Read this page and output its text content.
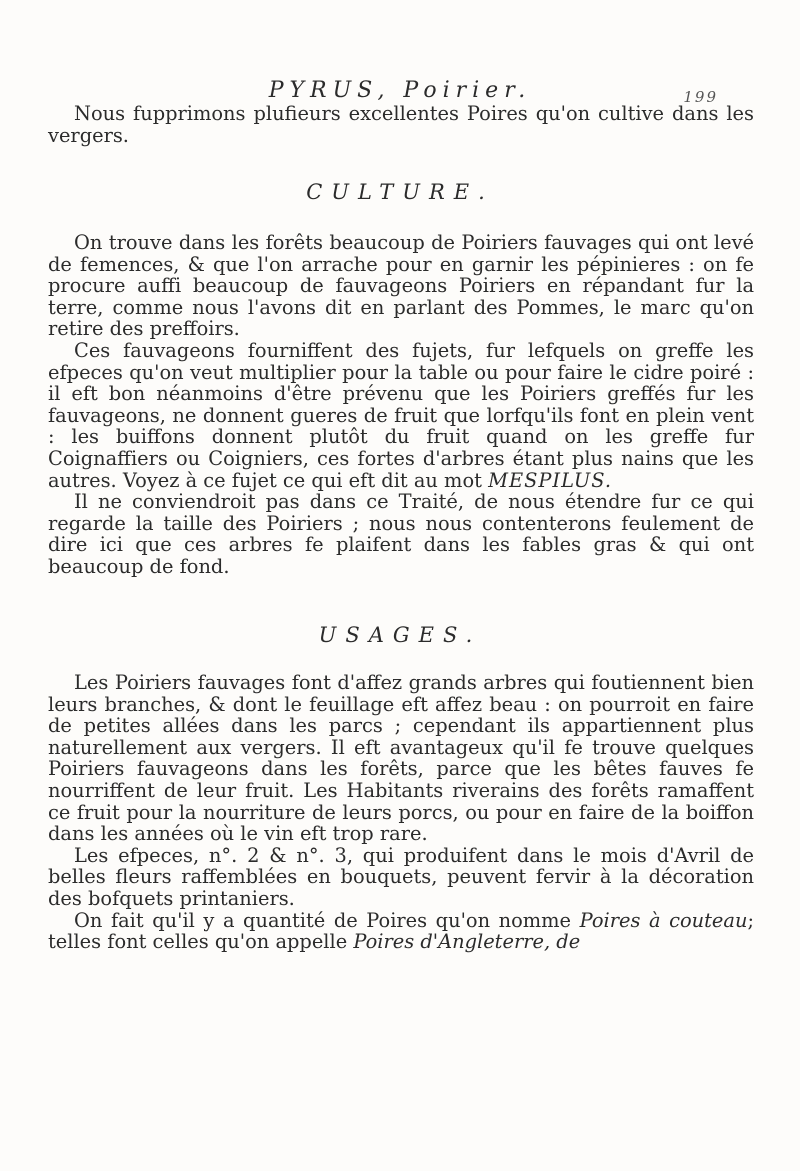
PYRUS, Poirier.	199

Nous fupprimons plufieurs excellentes Poires qu'on cultive dans les vergers.

CULTURE.

On trouve dans les forêts beaucoup de Poiriers fauvages qui ont levé de femences, & que l'on arrache pour en garnir les pépinieres : on fe procure auffi beaucoup de fauvageons Poiriers en répandant fur la terre, comme nous l'avons dit en parlant des Pommes, le marc qu'on retire des preffoirs.

Ces fauvageons fourniffent des fujets, fur lefquels on greffe les efpeces qu'on veut multiplier pour la table ou pour faire le cidre poiré : il eft bon néanmoins d'être prévenu que les Poiriers greffés fur les fauvageons, ne donnent gueres de fruit que lorfqu'ils font en plein vent : les buiffons donnent plutôt du fruit quand on les greffe fur Coignaffiers ou Coigniers, ces fortes d'arbres étant plus nains que les autres. Voyez à ce fujet ce qui eft dit au mot MESPILUS.

Il ne conviendroit pas dans ce Traité, de nous étendre fur ce qui regarde la taille des Poiriers ; nous nous contenterons feulement de dire ici que ces arbres fe plaifent dans les fables gras & qui ont beaucoup de fond.

USAGES.

Les Poiriers fauvages font d'affez grands arbres qui foutiennent bien leurs branches, & dont le feuillage eft affez beau : on pourroit en faire de petites allées dans les parcs ; cependant ils appartiennent plus naturellement aux vergers. Il eft avantageux qu'il fe trouve quelques Poiriers fauvageons dans les forêts, parce que les bêtes fauves fe nourriffent de leur fruit. Les Habitants riverains des forêts ramaffent ce fruit pour la nourriture de leurs porcs, ou pour en faire de la boiffon dans les années où le vin eft trop rare.

Les efpeces, n°. 2 & n°. 3, qui produifent dans le mois d'Avril de belles fleurs raffemblées en bouquets, peuvent fervir à la décoration des bofquets printaniers.

On fait qu'il y a quantité de Poires qu'on nomme Poires à couteau; telles font celles qu'on appelle Poires d'Angleterre, de
